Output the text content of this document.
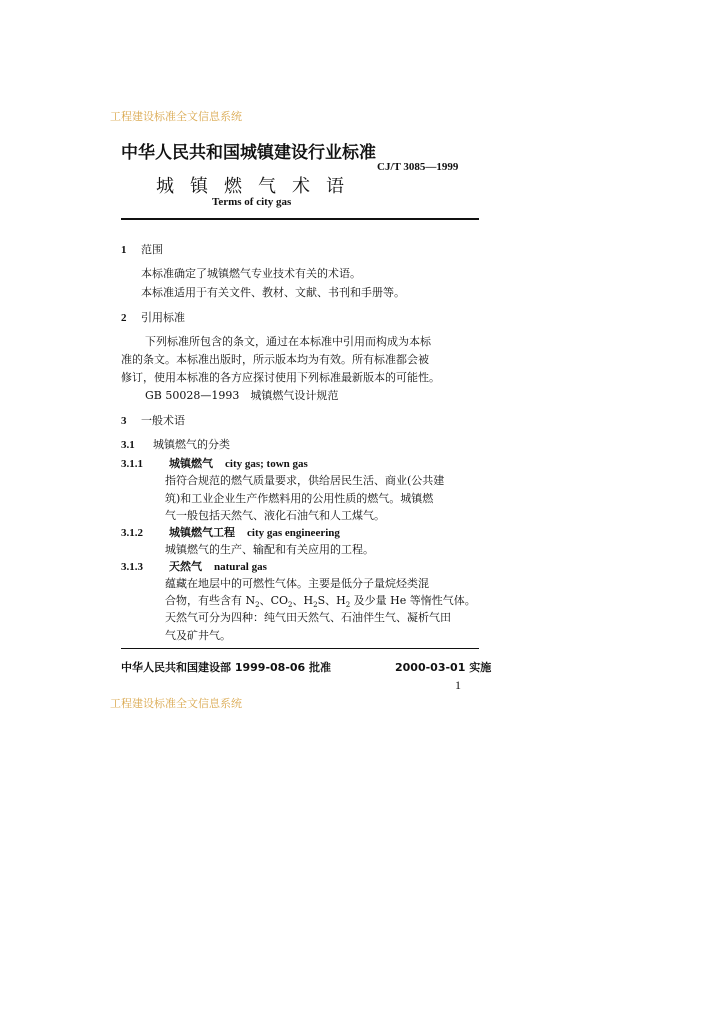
工程建设标准全文信息系统
中华人民共和国城镇建设行业标准
CJ/T 3085—1999
城镇燃气术语
Terms of city gas
1 范围
本标准确定了城镇燃气专业技术有关的术语。
本标准适用于有关文件、教材、文献、书刊和手册等。
2 引用标准
下列标准所包含的条文，通过在本标准中引用而构成为本标
准的条文。本标准出版时，所示版本均为有效。所有标准都会被
修订，使用本标准的各方应探讨使用下列标准最新版本的可能性。
GB 50028—1993　城镇燃气设计规范
3 一般术语
3.1 城镇燃气的分类
3.1.1 城镇燃气 city gas; town gas
指符合规范的燃气质量要求，供给居民生活、商业(公共建
筑)和工业企业生产作燃料用的公用性质的燃气。城镇燃
气一般包括天然气、液化石油气和人工煤气。
3.1.2 城镇燃气工程 city gas engineering
城镇燃气的生产、输配和有关应用的工程。
3.1.3 天然气 natural gas
蕴藏在地层中的可燃性气体。主要是低分子量烷烃类混
合物，有些含有 $N_2$、$CO_2$、$H_2S$、$H_2$ 及少量 He 等惰性气体。
天然气可分为四种：纯气田天然气、石油伴生气、凝析气田
气及矿井气。
中华人民共和国建设部 1999-08-06 批准	2000-03-01 实施
1
工程建设标准全文信息系统
